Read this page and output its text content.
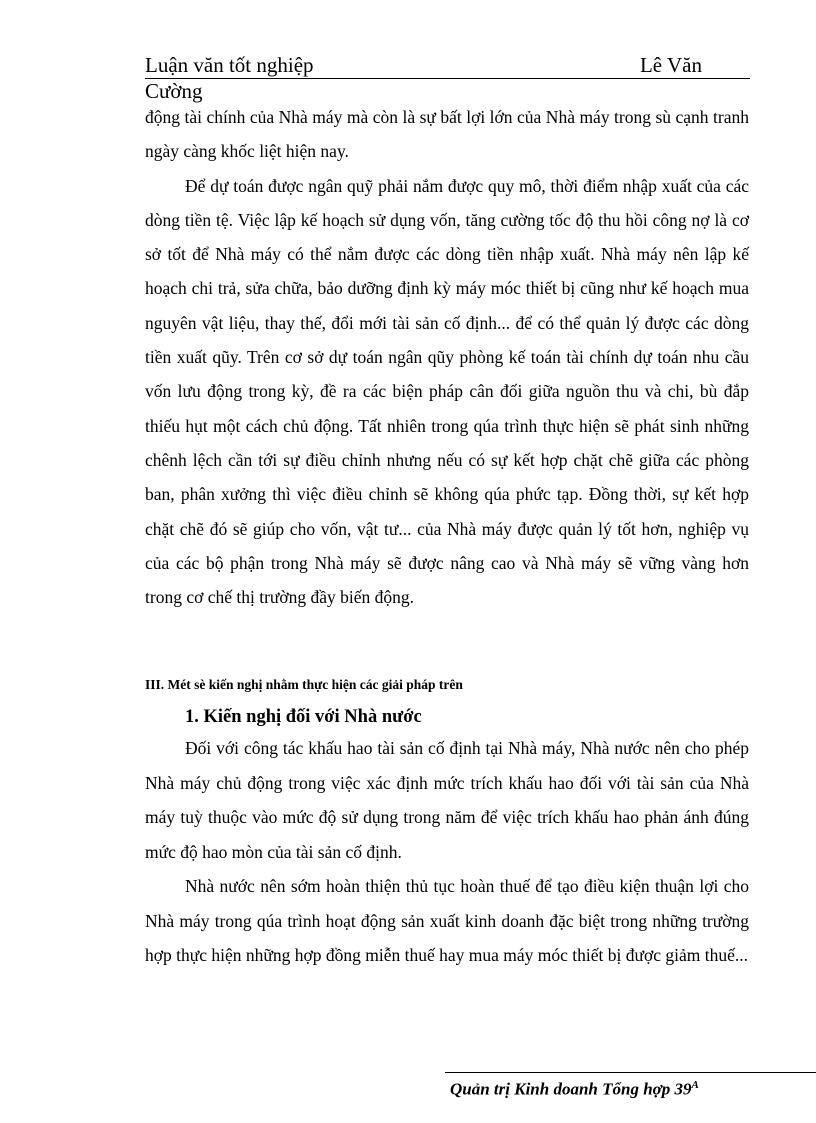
Luận văn tốt nghiệp	Lê Văn
Cường

động tài chính của Nhà máy mà còn là sự bất lợi lớn của Nhà máy trong sù cạnh tranh ngày càng khốc liệt hiện nay.

Để dự toán được ngân quỹ phải nắm được quy mô, thời điểm nhập xuất của các dòng tiền tệ. Việc lập kế hoạch sử dụng vốn, tăng cường tốc độ thu hồi công nợ là cơ sở tốt để Nhà máy có thể nắm được các dòng tiền nhập xuất. Nhà máy nên lập kế hoạch chi trả, sửa chữa, bảo dưỡng định kỳ máy móc thiết bị cũng như kế hoạch mua nguyên vật liệu, thay thế, đổi mới tài sản cố định... để có thể quản lý được các dòng tiền xuất qũy. Trên cơ sở dự toán ngân qũy phòng kế toán tài chính dự toán nhu cầu vốn lưu động trong kỳ, đề ra các biện pháp cân đối giữa nguồn thu và chi, bù đắp thiếu hụt một cách chủ động. Tất nhiên trong qúa trình thực hiện sẽ phát sinh những chênh lệch cần tới sự điều chỉnh nhưng nếu có sự kết hợp chặt chẽ giữa các phòng ban, phân xưởng thì việc điều chỉnh sẽ không qúa phức tạp. Đồng thời, sự kết hợp chặt chẽ đó sẽ giúp cho vốn, vật tư... của Nhà máy được quản lý tốt hơn, nghiệp vụ của các bộ phận trong Nhà máy sẽ được nâng cao và Nhà máy sẽ vững vàng hơn trong cơ chế thị trường đầy biến động.

III. Mét sè kiến nghị nhằm thực hiện các giải pháp trên
1. Kiến nghị đối với Nhà nước

Đối với công tác khấu hao tài sản cố định tại Nhà máy, Nhà nước nên cho phép Nhà máy chủ động trong việc xác định mức trích khấu hao đối với tài sản của Nhà máy tuỳ thuộc vào mức độ sử dụng trong năm để việc trích khấu hao phản ánh đúng mức độ hao mòn của tài sản cố định.

Nhà nước nên sớm hoàn thiện thủ tục hoàn thuế để tạo điều kiện thuận lợi cho Nhà máy trong qúa trình hoạt động sản xuất kinh doanh đặc biệt trong những trường hợp thực hiện những hợp đồng miễn thuế hay mua máy móc thiết bị được giảm thuế...

Quản trị Kinh doanh Tổng hợp $39^A$
